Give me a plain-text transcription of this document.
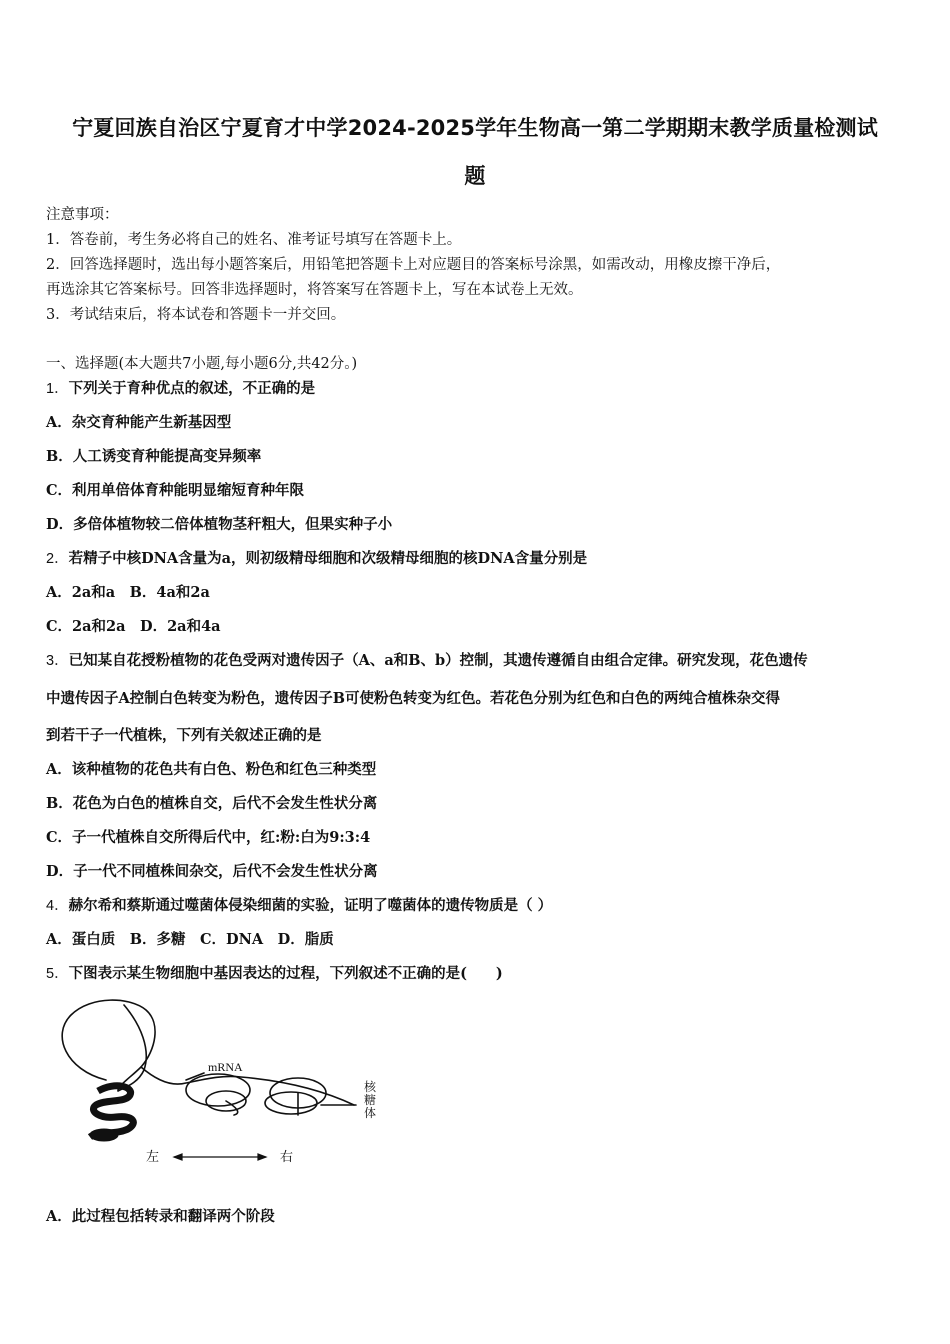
宁夏回族自治区宁夏育才中学2024-2025学年生物高一第二学期期末教学质量检测试
题
注意事项：
1．答卷前，考生务必将自己的姓名、准考证号填写在答题卡上。
2．回答选择题时，选出每小题答案后，用铅笔把答题卡上对应题目的答案标号涂黑，如需改动，用橡皮擦干净后，
再选涂其它答案标号。回答非选择题时，将答案写在答题卡上，写在本试卷上无效。
3．考试结束后，将本试卷和答题卡一并交回。
一、选择题(本大题共7小题,每小题6分,共42分。)
1．下列关于育种优点的叙述，不正确的是
A．杂交育种能产生新基因型
B．人工诱变育种能提高变异频率
C．利用单倍体育种能明显缩短育种年限
D．多倍体植物较二倍体植物茎秆粗大，但果实种子小
2．若精子中核DNA含量为a，则初级精母细胞和次级精母细胞的核DNA含量分别是
A．2a和a　B．4a和2a
C．2a和2a　D．2a和4a
3．已知某自花授粉植物的花色受两对遗传因子（A、a和B、b）控制，其遗传遵循自由组合定律。研究发现，花色遗传
中遗传因子A控制白色转变为粉色，遗传因子B可使粉色转变为红色。若花色分别为红色和白色的两纯合植株杂交得
到若干子一代植株，下列有关叙述正确的是
A．该种植物的花色共有白色、粉色和红色三种类型
B．花色为白色的植株自交，后代不会发生性状分离
C．子一代植株自交所得后代中，红:粉:白为9:3:4
D．子一代不同植株间杂交，后代不会发生性状分离
4．赫尔希和蔡斯通过噬菌体侵染细菌的实验，证明了噬菌体的遗传物质是（ ）
A．蛋白质　B．多糖　C．DNA　D．脂质
5．下图表示某生物细胞中基因表达的过程，下列叙述不正确的是(　　)
mRNA
核糖体
左	右
A．此过程包括转录和翻译两个阶段
